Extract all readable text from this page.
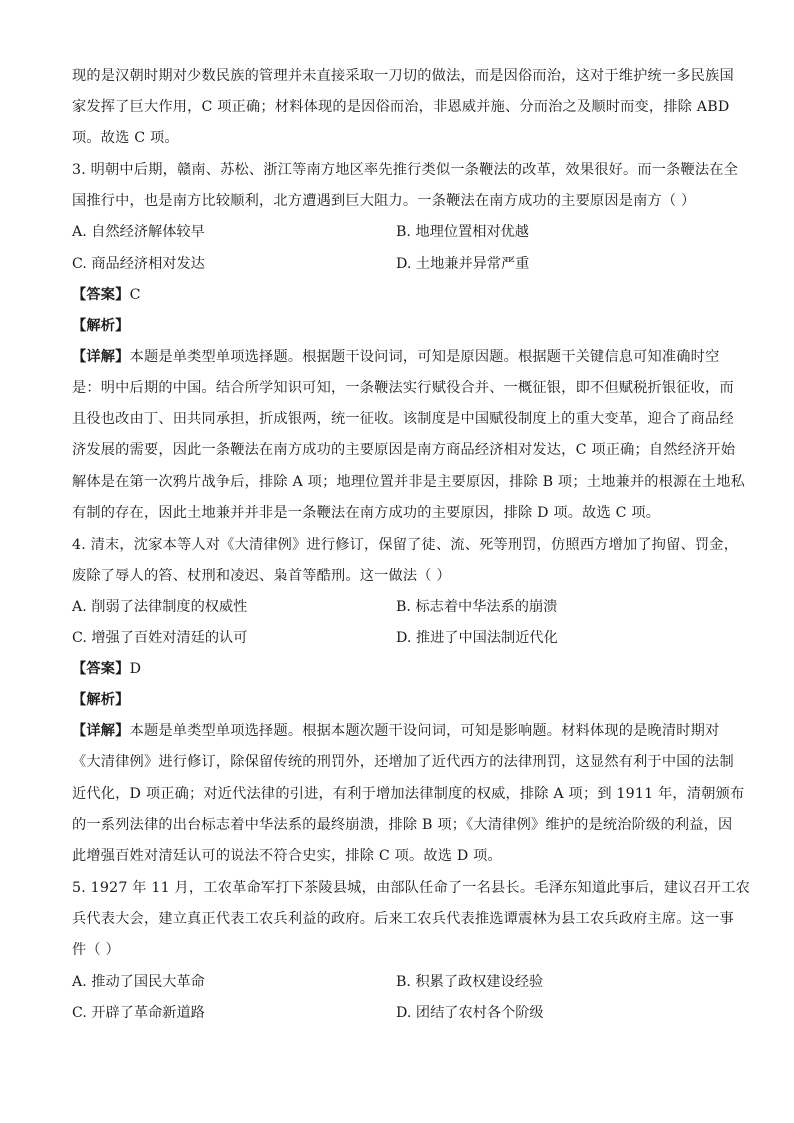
现的是汉朝时期对少数民族的管理并未直接采取一刀切的做法，而是因俗而治，这对于维护统一多民族国
家发挥了巨大作用，C 项正确；材料体现的是因俗而治，非恩威并施、分而治之及顺时而变，排除 ABD
项。故选 C 项。
3. 明朝中后期，赣南、苏松、浙江等南方地区率先推行类似一条鞭法的改革，效果很好。而一条鞭法在全
国推行中，也是南方比较顺利，北方遭遇到巨大阻力。一条鞭法在南方成功的主要原因是南方（ ）
A. 自然经济解体较早	B. 地理位置相对优越
C. 商品经济相对发达	D. 土地兼并异常严重
【答案】C
【解析】
【详解】本题是单类型单项选择题。根据题干设问词，可知是原因题。根据题干关键信息可知准确时空
是：明中后期的中国。结合所学知识可知，一条鞭法实行赋役合并、一概征银，即不但赋税折银征收，而
且役也改由丁、田共同承担，折成银两，统一征收。该制度是中国赋役制度上的重大变革，迎合了商品经
济发展的需要，因此一条鞭法在南方成功的主要原因是南方商品经济相对发达，C 项正确；自然经济开始
解体是在第一次鸦片战争后，排除 A 项；地理位置并非是主要原因，排除 B 项；土地兼并的根源在土地私
有制的存在，因此土地兼并并非是一条鞭法在南方成功的主要原因，排除 D 项。故选 C 项。
4. 清末，沈家本等人对《大清律例》进行修订，保留了徒、流、死等刑罚，仿照西方增加了拘留、罚金，
废除了辱人的笞、杖刑和凌迟、枭首等酷刑。这一做法（ ）
A. 削弱了法律制度的权威性	B. 标志着中华法系的崩溃
C. 增强了百姓对清廷的认可	D. 推进了中国法制近代化
【答案】D
【解析】
【详解】本题是单类型单项选择题。根据本题次题干设问词，可知是影响题。材料体现的是晚清时期对
《大清律例》进行修订，除保留传统的刑罚外，还增加了近代西方的法律刑罚，这显然有利于中国的法制
近代化，D 项正确；对近代法律的引进，有利于增加法律制度的权威，排除 A 项；到 1911 年，清朝颁布
的一系列法律的出台标志着中华法系的最终崩溃，排除 B 项；《大清律例》维护的是统治阶级的利益，因
此增强百姓对清廷认可的说法不符合史实，排除 C 项。故选 D 项。
5. 1927 年 11 月，工农革命军打下茶陵县城，由部队任命了一名县长。毛泽东知道此事后，建议召开工农
兵代表大会，建立真正代表工农兵利益的政府。后来工农兵代表推选谭震林为县工农兵政府主席。这一事
件（ ）
A. 推动了国民大革命	B. 积累了政权建设经验
C. 开辟了革命新道路	D. 团结了农村各个阶级
